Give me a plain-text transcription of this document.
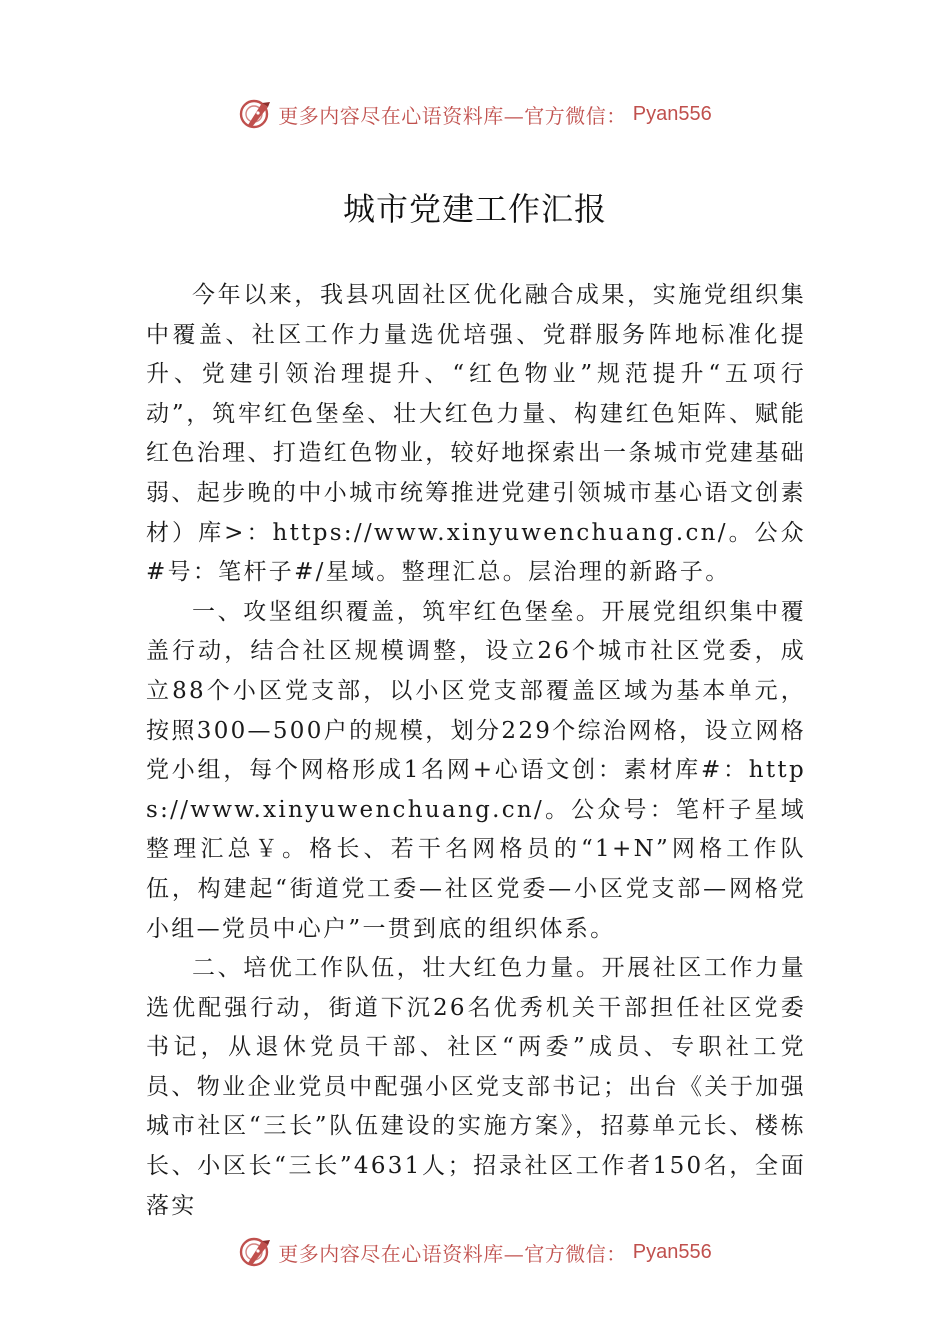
更多内容尽在心语资料库—官方微信： Pyan556
城市党建工作汇报

今年以来，我县巩固社区优化融合成果，实施党组织集中覆盖、社区工作力量选优培强、党群服务阵地标准化提升、党建引领治理提升、“红色物业”规范提升“五项行动”，筑牢红色堡垒、壮大红色力量、构建红色矩阵、赋能红色治理、打造红色物业，较好地探索出一条城市党建基础弱、起步晚的中小城市统筹推进党建引领城市基心语文创素材）库>：https://www.xinyuwenchuang.cn/。公众#号：笔杆子#/星域。整理汇总。层治理的新路子。

一、攻坚组织覆盖，筑牢红色堡垒。开展党组织集中覆盖行动，结合社区规模调整，设立26个城市社区党委，成立88个小区党支部，以小区党支部覆盖区域为基本单元，按照300—500户的规模，划分229个综治网格，设立网格党小组，每个网格形成1名网+心语文创：素材库#：https://www.xinyuwenchuang.cn/。公众号：笔杆子星域整理汇总￥。格长、若干名网格员的“1+N”网格工作队伍，构建起“街道党工委—社区党委—小区党支部—网格党小组—党员中心户”一贯到底的组织体系。

二、培优工作队伍，壮大红色力量。开展社区工作力量选优配强行动，街道下沉26名优秀机关干部担任社区党委书记，从退休党员干部、社区“两委”成员、专职社工党员、物业企业党员中配强小区党支部书记；出台《关于加强城市社区“三长”队伍建设的实施方案》，招募单元长、楼栋长、小区长“三长”4631人；招录社区工作者150名，全面落实

更多内容尽在心语资料库—官方微信： Pyan556
